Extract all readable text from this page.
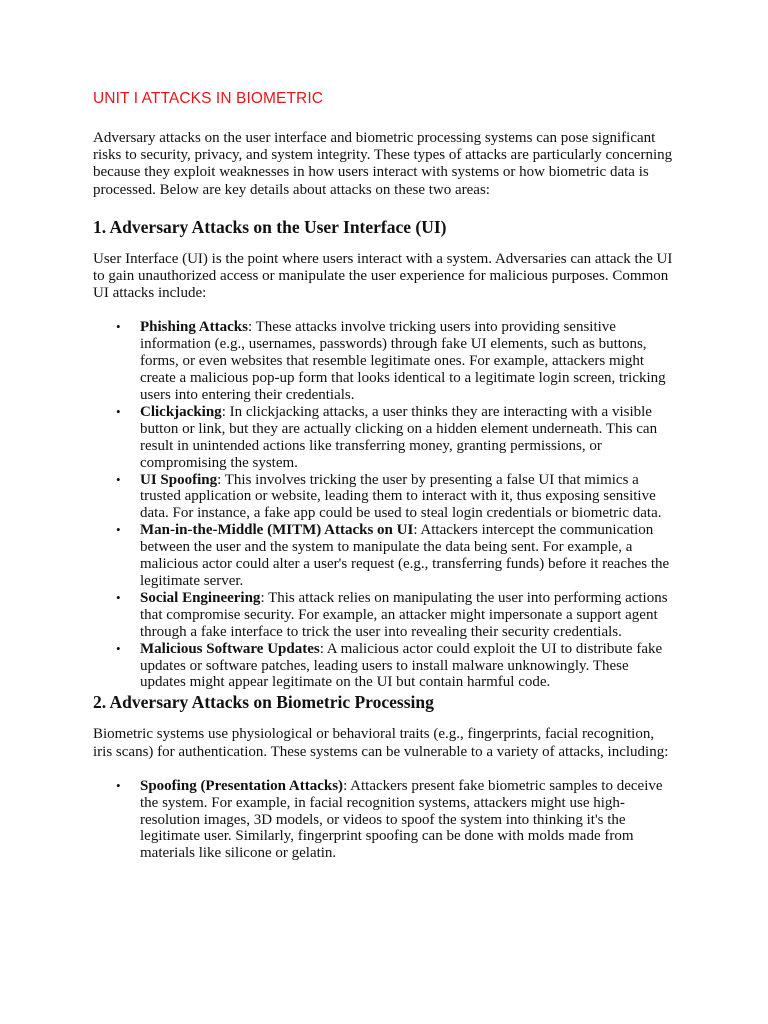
UNIT I ATTACKS IN BIOMETRIC

Adversary attacks on the user interface and biometric processing systems can pose significant risks to security, privacy, and system integrity. These types of attacks are particularly concerning because they exploit weaknesses in how users interact with systems or how biometric data is processed. Below are key details about attacks on these two areas:

1. Adversary Attacks on the User Interface (UI)

User Interface (UI) is the point where users interact with a system. Adversaries can attack the UI to gain unauthorized access or manipulate the user experience for malicious purposes. Common UI attacks include:

• Phishing Attacks: These attacks involve tricking users into providing sensitive information (e.g., usernames, passwords) through fake UI elements, such as buttons, forms, or even websites that resemble legitimate ones. For example, attackers might create a malicious pop-up form that looks identical to a legitimate login screen, tricking users into entering their credentials.
• Clickjacking: In clickjacking attacks, a user thinks they are interacting with a visible button or link, but they are actually clicking on a hidden element underneath. This can result in unintended actions like transferring money, granting permissions, or compromising the system.
• UI Spoofing: This involves tricking the user by presenting a false UI that mimics a trusted application or website, leading them to interact with it, thus exposing sensitive data. For instance, a fake app could be used to steal login credentials or biometric data.
• Man-in-the-Middle (MITM) Attacks on UI: Attackers intercept the communication between the user and the system to manipulate the data being sent. For example, a malicious actor could alter a user's request (e.g., transferring funds) before it reaches the legitimate server.
• Social Engineering: This attack relies on manipulating the user into performing actions that compromise security. For example, an attacker might impersonate a support agent through a fake interface to trick the user into revealing their security credentials.
• Malicious Software Updates: A malicious actor could exploit the UI to distribute fake updates or software patches, leading users to install malware unknowingly. These updates might appear legitimate on the UI but contain harmful code.
2. Adversary Attacks on Biometric Processing

Biometric systems use physiological or behavioral traits (e.g., fingerprints, facial recognition, iris scans) for authentication. These systems can be vulnerable to a variety of attacks, including:

• Spoofing (Presentation Attacks): Attackers present fake biometric samples to deceive the system. For example, in facial recognition systems, attackers might use high-resolution images, 3D models, or videos to spoof the system into thinking it's the legitimate user. Similarly, fingerprint spoofing can be done with molds made from materials like silicone or gelatin.
